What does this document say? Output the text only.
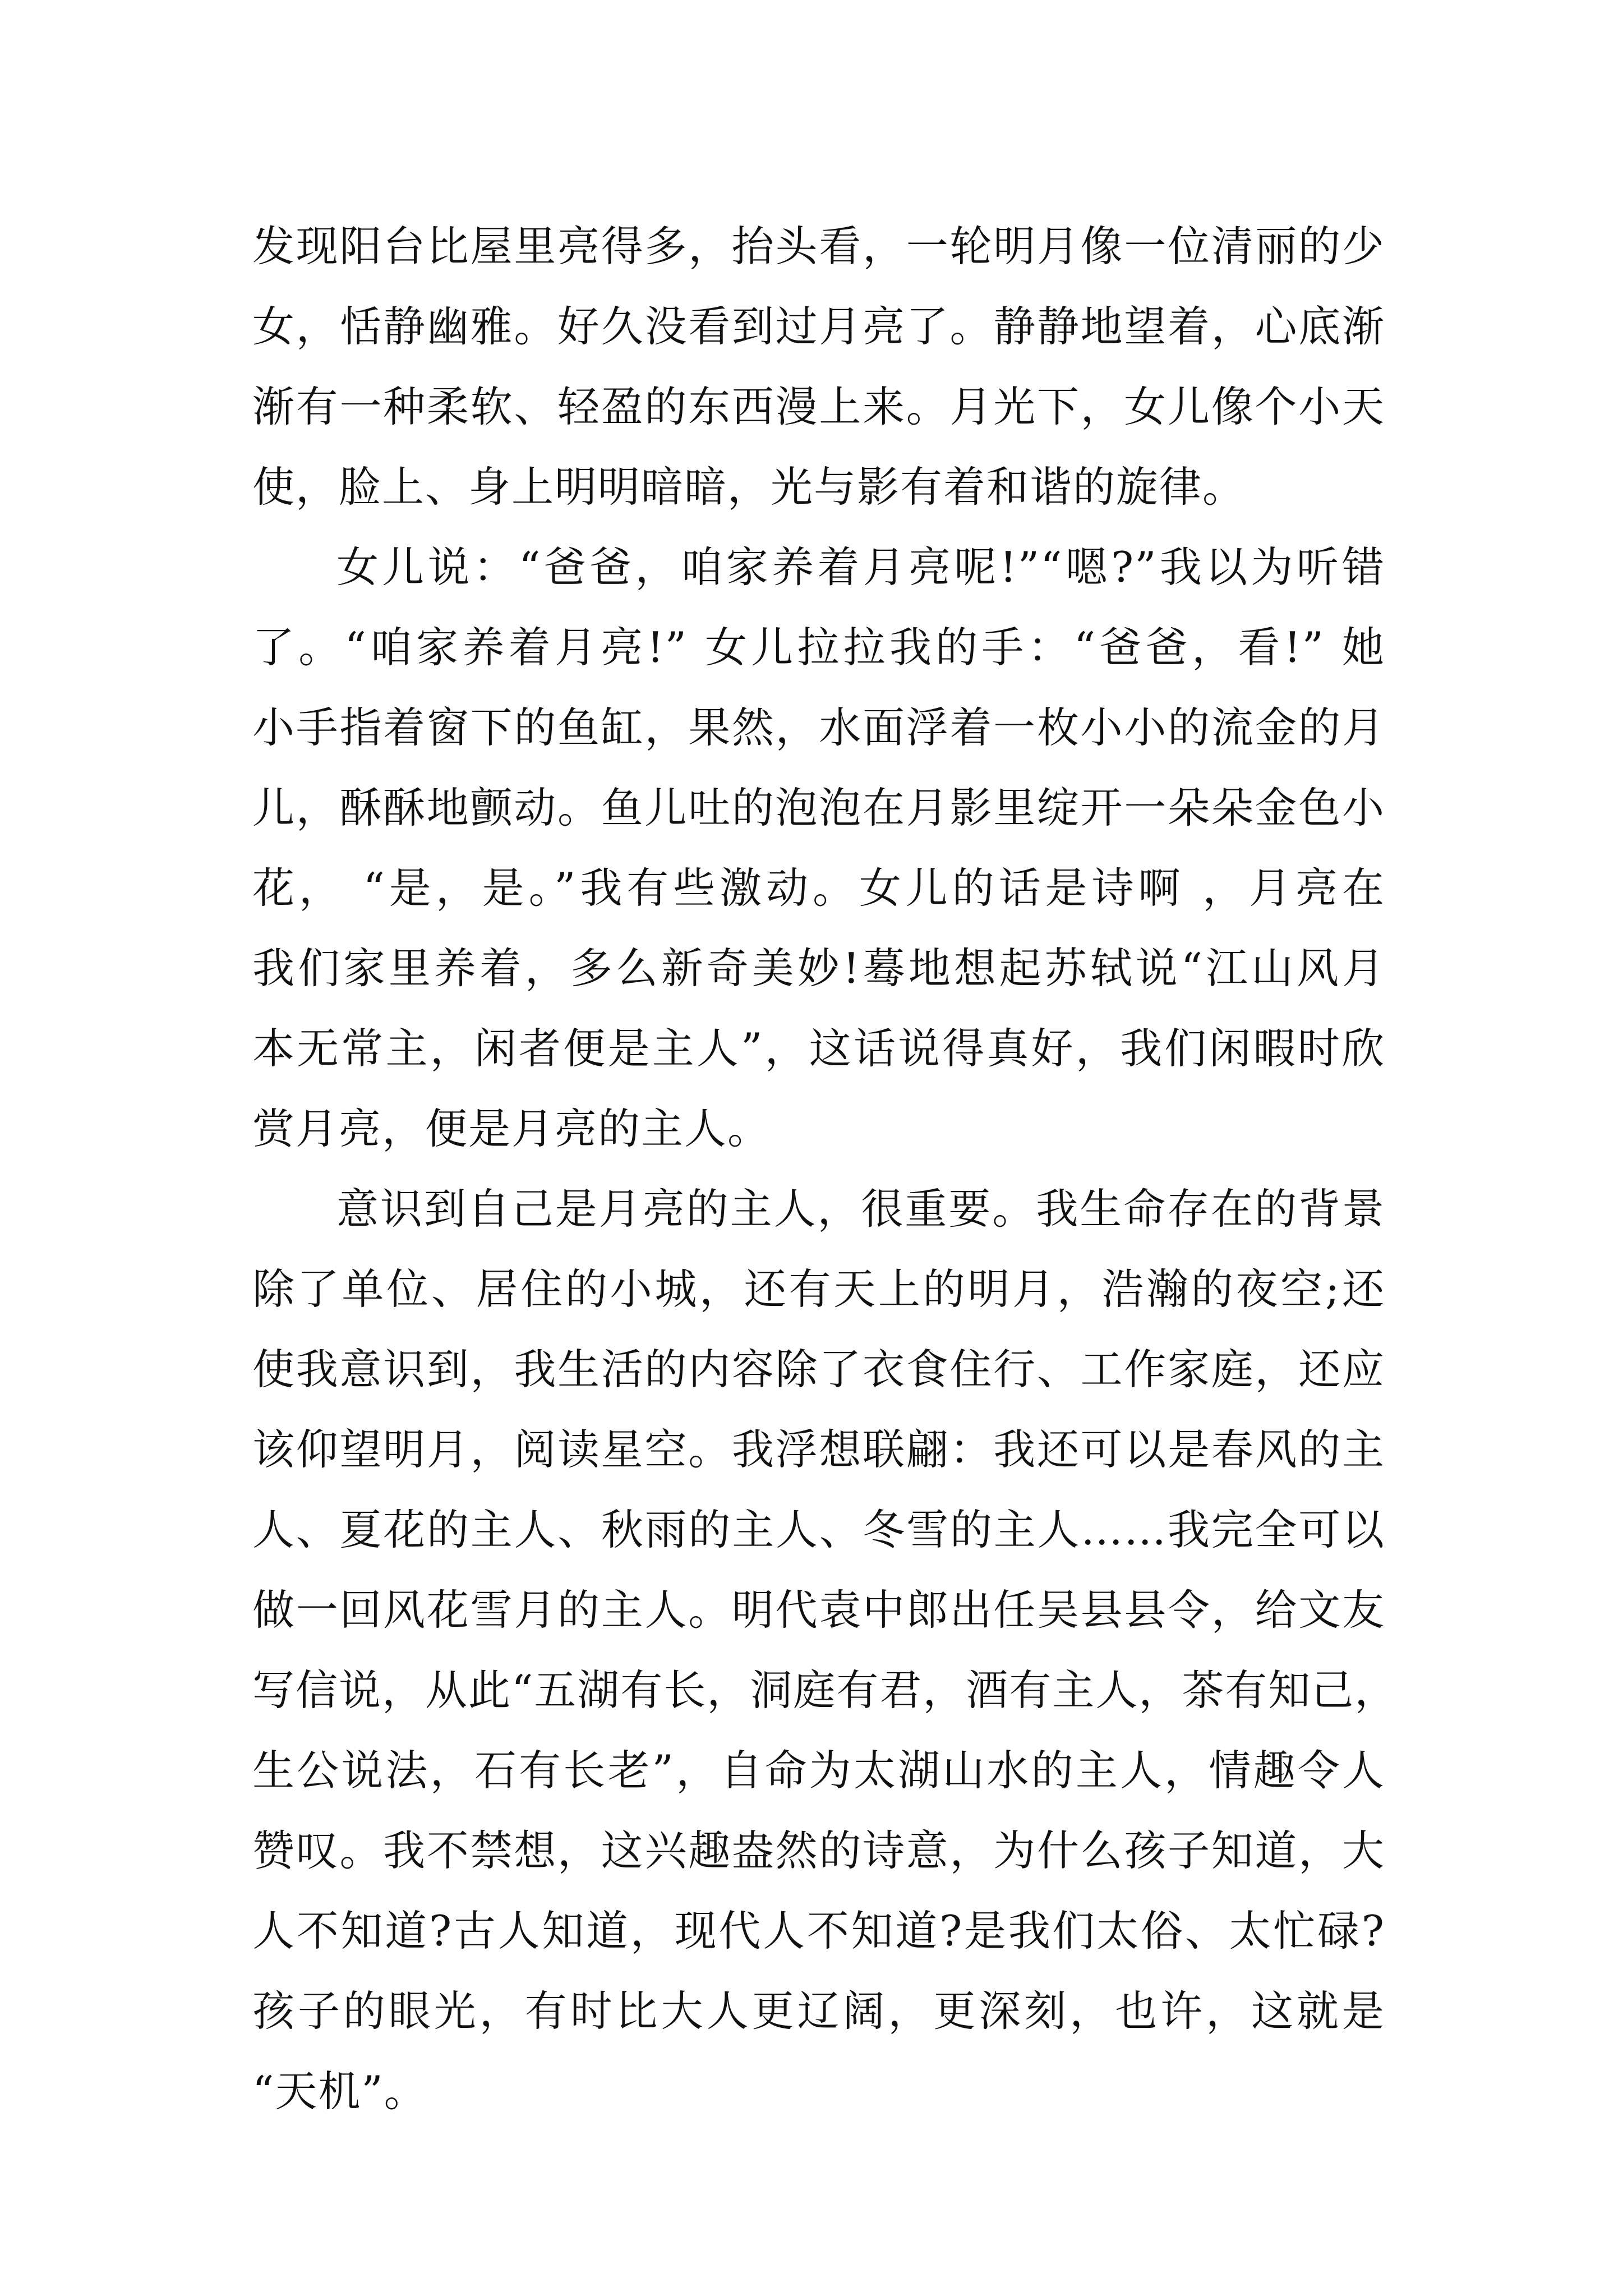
发现阳台比屋里亮得多，抬头看，一轮明月像一位清丽的少
女，恬静幽雅。好久没看到过月亮了。静静地望着，心底渐
渐有一种柔软、轻盈的东西漫上来。月光下，女儿像个小天
使，脸上、身上明明暗暗，光与影有着和谐的旋律。
女儿说：“爸爸，咱家养着月亮呢!”“嗯?”我以为听错
了。“咱家养着月亮!” 女儿拉拉我的手：“爸爸，看!” 她
小手指着窗下的鱼缸，果然，水面浮着一枚小小的流金的月
儿，酥酥地颤动。鱼儿吐的泡泡在月影里绽开一朵朵金色小
花， “是，是。”我有些激动。女儿的话是诗啊 ，月亮在
我们家里养着，多么新奇美妙!蓦地想起苏轼说“江山风月
本无常主，闲者便是主人”，这话说得真好，我们闲暇时欣
赏月亮，便是月亮的主人。
意识到自己是月亮的主人，很重要。我生命存在的背景
除了单位、居住的小城，还有天上的明月，浩瀚的夜空;还
使我意识到，我生活的内容除了衣食住行、工作家庭，还应
该仰望明月，阅读星空。我浮想联翩：我还可以是春风的主
人、夏花的主人、秋雨的主人、冬雪的主人……我完全可以
做一回风花雪月的主人。明代袁中郎出任吴县县令，给文友
写信说，从此“五湖有长，洞庭有君，酒有主人，茶有知己，
生公说法，石有长老”，自命为太湖山水的主人，情趣令人
赞叹。我不禁想，这兴趣盎然的诗意，为什么孩子知道，大
人不知道?古人知道，现代人不知道?是我们太俗、太忙碌?
孩子的眼光，有时比大人更辽阔，更深刻，也许，这就是
“天机”。
